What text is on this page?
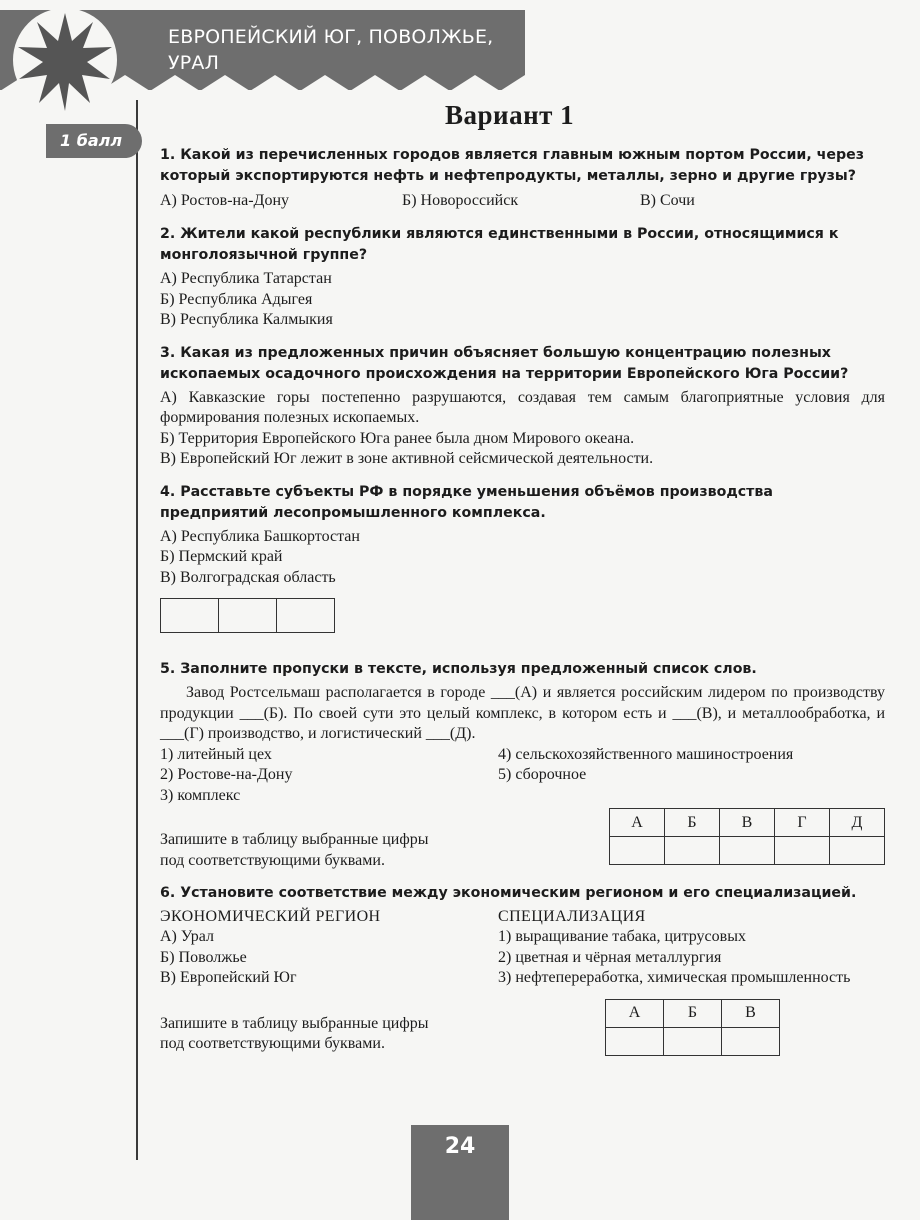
ЕВРОПЕЙСКИЙ ЮГ, ПОВОЛЖЬЕ,
УРАЛ
1 балл
Вариант 1
1. Какой из перечисленных городов является главным южным портом России, через который экспортируются нефть и нефтепродукты, металлы, зерно и другие грузы?
А) Ростов-на-Дону	Б) Новороссийск	В) Сочи
2. Жители какой республики являются единственными в России, относящимися к монголоязычной группе?
А) Республика Татарстан
Б) Республика Адыгея
В) Республика Калмыкия
3. Какая из предложенных причин объясняет большую концентрацию полезных ископаемых осадочного происхождения на территории Европейского Юга России?
А) Кавказские горы постепенно разрушаются, создавая тем самым благоприятные условия для формирования полезных ископаемых.
Б) Территория Европейского Юга ранее была дном Мирового океана.
В) Европейский Юг лежит в зоне активной сейсмической деятельности.
4. Расставьте субъекты РФ в порядке уменьшения объёмов производства предприятий лесопромышленного комплекса.
А) Республика Башкортостан
Б) Пермский край
В) Волгоградская область

5. Заполните пропуски в тексте, используя предложенный список слов.

Завод Ростсельмаш располагается в городе ___(А) и является российским лидером по производству продукции ___(Б). По своей сути это целый комплекс, в котором есть и ___(В), и металлообработка, и ___(Г) производство, и логистический ___(Д).

1) литейный цех
2) Ростове-на-Дону
3) комплекс
4) сельскохозяйственного машиностроения
5) сборочное
Запишите в таблицу выбранные цифры
под соответствующими буквами.
А	Б	В	Г	Д

6. Установите соответствие между экономическим регионом и его специализацией.
ЭКОНОМИЧЕСКИЙ РЕГИОН	СПЕЦИАЛИЗАЦИЯ
А) Урал
Б) Поволжье
В) Европейский Юг
1) выращивание табака, цитрусовых
2) цветная и чёрная металлургия
3) нефтепереработка, химическая промышленность
Запишите в таблицу выбранные цифры
под соответствующими буквами.
А	Б	В

24
